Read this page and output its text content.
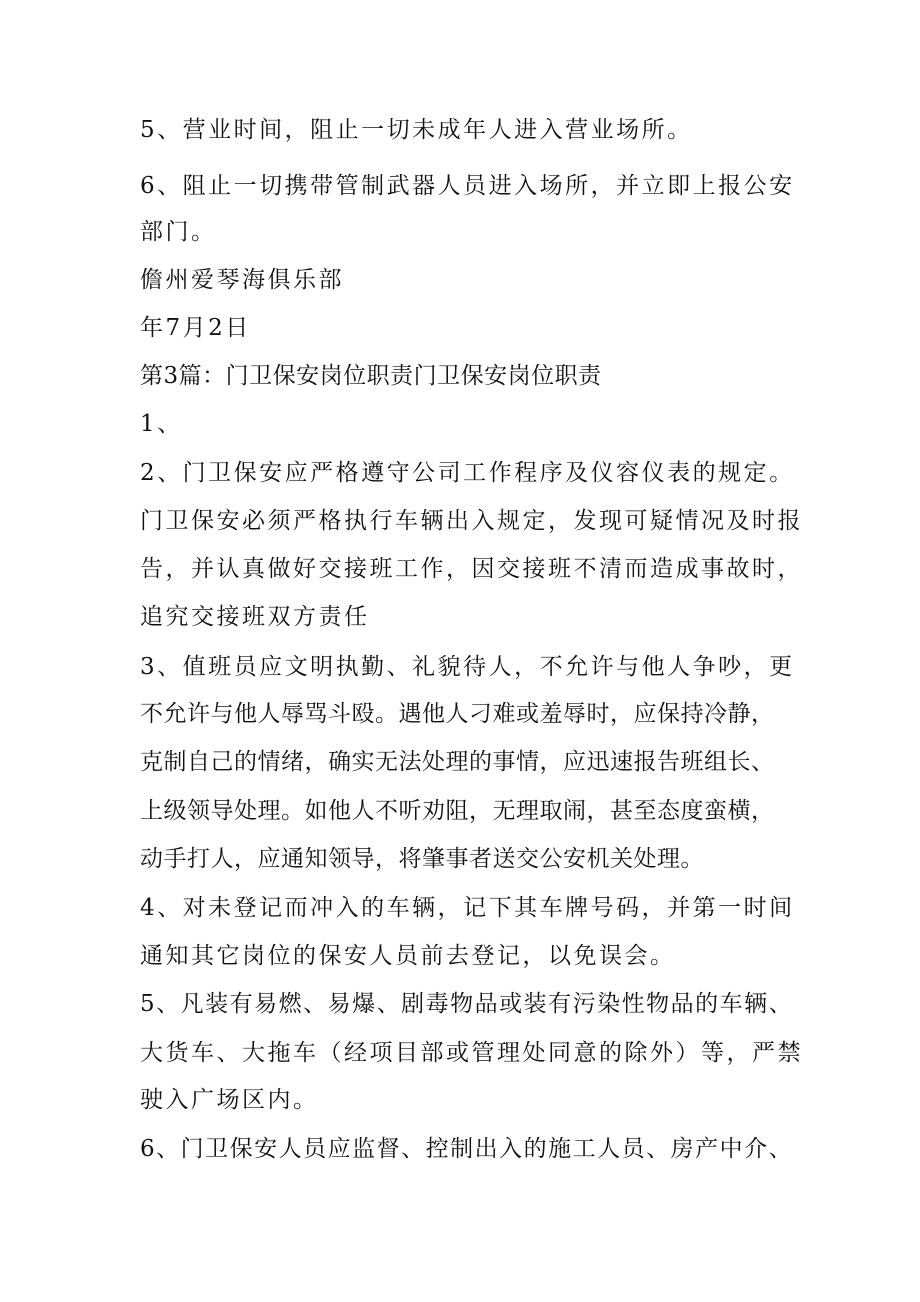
5、营业时间，阻止一切未成年人进入营业场所。
6、阻止一切携带管制武器人员进入场所，并立即上报公安
部门。
儋州爱琴海俱乐部
年7月2日
第3篇：门卫保安岗位职责门卫保安岗位职责
1、
2、门卫保安应严格遵守公司工作程序及仪容仪表的规定。
门卫保安必须严格执行车辆出入规定，发现可疑情况及时报
告，并认真做好交接班工作，因交接班不清而造成事故时，
追究交接班双方责任
3、值班员应文明执勤、礼貌待人，不允许与他人争吵，更
不允许与他人辱骂斗殴。遇他人刁难或羞辱时，应保持冷静，
克制自己的情绪，确实无法处理的事情，应迅速报告班组长、
上级领导处理。如他人不听劝阻，无理取闹，甚至态度蛮横，
动手打人，应通知领导，将肇事者送交公安机关处理。
4、对未登记而冲入的车辆，记下其车牌号码，并第一时间
通知其它岗位的保安人员前去登记，以免误会。
5、凡装有易燃、易爆、剧毒物品或装有污染性物品的车辆、
大货车、大拖车（经项目部或管理处同意的除外）等，严禁
驶入广场区内。
6、门卫保安人员应监督、控制出入的施工人员、房产中介、
